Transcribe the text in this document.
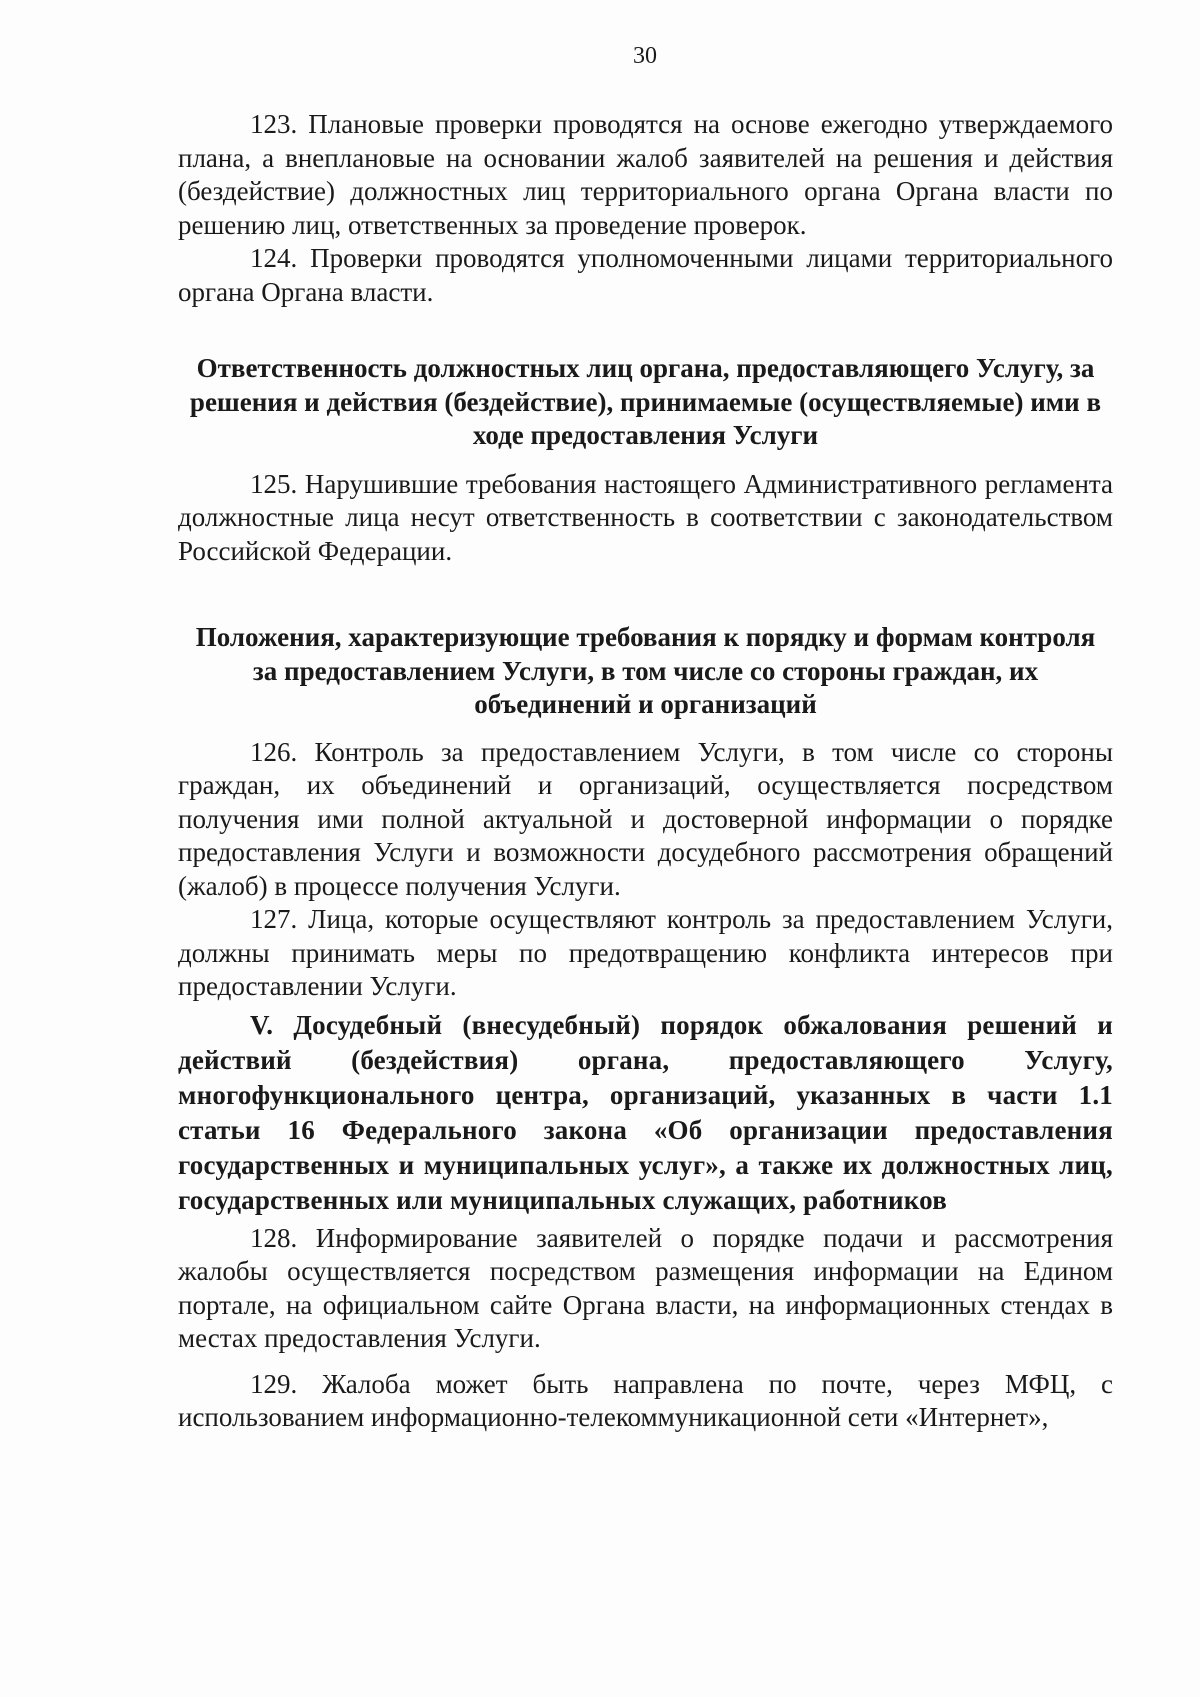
30

123. Плановые проверки проводятся на основе ежегодно утверждаемого плана, а внеплановые на основании жалоб заявителей на решения и действия (бездействие) должностных лиц территориального органа Органа власти по решению лиц, ответственных за проведение проверок.

124. Проверки проводятся уполномоченными лицами территориального органа Органа власти.

Ответственность должностных лиц органа, предоставляющего Услугу, за решения и действия (бездействие), принимаемые (осуществляемые) ими в ходе предоставления Услуги

125. Нарушившие требования настоящего Административного регламента должностные лица несут ответственность в соответствии с законодательством Российской Федерации.

Положения, характеризующие требования к порядку и формам контроля за предоставлением Услуги, в том числе со стороны граждан, их объединений и организаций

126. Контроль за предоставлением Услуги, в том числе со стороны граждан, их объединений и организаций, осуществляется посредством получения ими полной актуальной и достоверной информации о порядке предоставления Услуги и возможности досудебного рассмотрения обращений (жалоб) в процессе получения Услуги.

127. Лица, которые осуществляют контроль за предоставлением Услуги, должны принимать меры по предотвращению конфликта интересов при предоставлении Услуги.

V. Досудебный (внесудебный) порядок обжалования решений и действий (бездействия) органа, предоставляющего Услугу, многофункционального центра, организаций, указанных в части 1.1 статьи 16 Федерального закона «Об организации предоставления государственных и муниципальных услуг», а также их должностных лиц, государственных или муниципальных служащих, работников

128. Информирование заявителей о порядке подачи и рассмотрения жалобы осуществляется посредством размещения информации на Едином портале, на официальном сайте Органа власти, на информационных стендах в местах предоставления Услуги.

129. Жалоба может быть направлена по почте, через МФЦ, с использованием информационно-телекоммуникационной сети «Интернет»,
